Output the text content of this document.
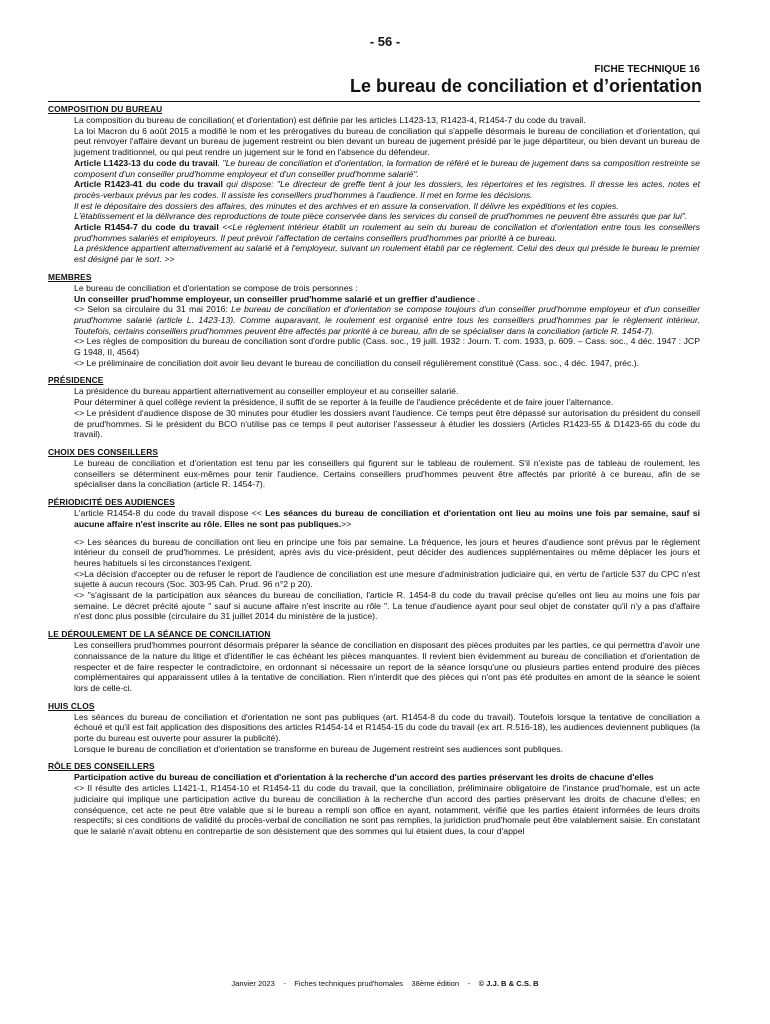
- 56 -
FICHE TECHNIQUE 16
Le bureau de conciliation et d’orientation
COMPOSITION DU BUREAU

La composition du bureau de conciliation( et d'orientation) est définie par les articles L1423-13, R1423-4, R1454-7 du code du travail.

La loi Macron du 6 août 2015 a modifié le nom et les prérogatives du bureau de conciliation qui s'appelle désormais le bureau de conciliation et d'orientation, qui peut renvoyer l'affaire devant un bureau de jugement restreint ou bien devant un bureau de jugement présidé par le juge départiteur, ou bien devant un bureau de jugement traditionnel, ou qui peut rendre un jugement sur le fond en l'absence du défendeur.

Article L1423-13 du code du travail. "Le bureau de conciliation et d'orientation, la formation de référé et le bureau de jugement dans sa composition restreinte se composent d'un conseiller prud'homme employeur et d'un conseiller prud'homme salarié".

Article R1423-41 du code du travail qui dispose: "Le directeur de greffe tient à jour les dossiers, les répertoires et les registres. Il dresse les actes, notes et procès-verbaux prévus par les codes. Il assiste les conseillers prud'hommes à l'audience. Il met en forme les décisions.

Il est le dépositaire des dossiers des affaires, des minutes et des archives et en assure la conservation. Il délivre les expéditions et les copies.

L'établissement et la délivrance des reproductions de toute pièce conservée dans les services du conseil de prud'hommes ne peuvent être assurés que par lui".

Article R1454-7 du code du travail <<Le règlement intérieur établit un roulement au sein du bureau de conciliation et d'orientation entre tous les conseillers prud'hommes salariés et employeurs. Il peut prévoir l'affectation de certains conseillers prud'hommes par priorité à ce bureau.

La présidence appartient alternativement au salarié et à l'employeur, suivant un roulement établi par ce règlement. Celui des deux qui préside le bureau le premier est désigné par le sort. >>

MEMBRES

Le bureau de conciliation et d'orientation se compose de trois personnes :

Un conseiller prud'homme employeur, un conseiller prud'homme salarié et un greffier d'audience .

<> Selon sa circulaire du 31 mai 2016: Le bureau de conciliation et d'orientation se compose toujours d'un conseiller prud'homme employeur et d'un conseiller prud'homme salarié (article L. 1423-13). Comme auparavant, le roulement est organisé entre tous les conseillers prud'hommes par le règlement intérieur. Toutefois, certains conseillers prud'hommes peuvent être affectés par priorité à ce bureau, afin de se spécialiser dans la conciliation (article R. 1454-7).

<> Les règles de composition du bureau de conciliation sont d'ordre public (Cass. soc., 19 juill. 1932 : Journ. T. com. 1933, p. 609. – Cass. soc., 4 déc. 1947 : JCP G 1948, II, 4564)

<> Le préliminaire de conciliation doit avoir lieu devant le bureau de conciliation du conseil régulièrement constitué (Cass. soc., 4 déc. 1947, préc.).

PRÉSIDENCE

La présidence du bureau appartient alternativement au conseiller employeur et au conseiller salarié.

Pour déterminer à quel collège revient la présidence, il suffit de se reporter à la feuille de l'audience précédente et de faire jouer l'alternance.

<> Le président d'audience dispose de 30 minutes pour étudier les dossiers avant l'audience. Ce temps peut être dépassé sur autorisation du président du conseil de prud'hommes. Si le président du BCO n'utilise pas ce temps il peut autoriser l'assesseur à étudier les dossiers (Articles R1423-55 & D1423-65 du code du travail).

CHOIX DES CONSEILLERS

Le bureau de conciliation et d'orientation est tenu par les conseillers qui figurent sur le tableau de roulement. S'il n'existe pas de tableau de roulement, les conseillers se déterminent eux-mêmes pour tenir l'audience. Certains conseillers prud'hommes peuvent être affectés par priorité à ce bureau, afin de se spécialiser dans la conciliation (article R. 1454-7).

PÉRIODICITÉ DES AUDIENCES

L'article R1454-8 du code du travail dispose << Les séances du bureau de conciliation et d'orientation ont lieu au moins une fois par semaine, sauf si aucune affaire n'est inscrite au rôle. Elles ne sont pas publiques.>>

<> Les séances du bureau de conciliation ont lieu en principe une fois par semaine. La fréquence, les jours et heures d'audience sont prévus par le règlement intérieur du conseil de prud'hommes. Le président, après avis du vice-président, peut décider des audiences supplémentaires ou même déplacer les jours et heures habituels si les circonstances l'exigent.

<>La décision d'accepter ou de refuser le report de l'audience de conciliation est une mesure d'administration judiciaire qui, en vertu de l'article 537 du CPC n'est sujette à aucun recours (Soc. 303-95 Cah. Prud. 96 n°2 p 20).

<> "s'agissant de la participation aux séances du bureau de conciliation, l'article R. 1454-8 du code du travail précise qu'elles ont lieu au moins une fois par semaine. Le décret précité ajoute " sauf si aucune affaire n'est inscrite au rôle ". La tenue d'audience ayant pour seul objet de constater qu'il n'y a pas d'affaire n'est donc plus possible (circulaire du 31 juillet 2014 du ministère de la justice).

LE DÉROULEMENT DE LA SÉANCE DE CONCILIATION

Les conseillers prud'hommes pourront désormais préparer la séance de conciliation en disposant des pièces produites par les parties, ce qui permettra d'avoir une connaissance de la nature du litige et d'identifier le cas échéant les pièces manquantes. Il revient bien évidemment au bureau de conciliation et d'orientation de respecter et de faire respecter le contradictoire, en ordonnant si nécessaire un report de la séance lorsqu'une ou plusieurs parties entend produire des pièces complémentaires qui apparaissent utiles à la tentative de conciliation. Rien n'interdit que des pièces qui n'ont pas été produites en amont de la séance le soient lors de celle-ci.

HUIS CLOS

Les séances du bureau de conciliation et d'orientation ne sont pas publiques (art. R1454-8 du code du travail). Toutefois lorsque la tentative de conciliation a échoué et qu'il est fait application des dispositions des articles R1454-14 et R1454-15 du code du travail (ex art. R.516-18), les audiences deviennent publiques (la porte du bureau est ouverte pour assurer la publicité).

Lorsque le bureau de conciliation et d'orientation se transforme en bureau de Jugement restreint ses audiences sont publiques.

RÔLE DES CONSEILLERS

Participation active du bureau de conciliation et d'orientation à la recherche d'un accord des parties préservant les droits de chacune d'elles

<> Il résulte des articles L1421-1, R1454-10 et R1454-11 du code du travail, que la conciliation, préliminaire obligatoire de l'instance prud'homale, est un acte judiciaire qui implique une participation active du bureau de conciliation à la recherche d'un accord des parties préservant les droits de chacune d'elles; en conséquence, cet acte ne peut être valable que si le bureau a rempli son office en ayant, notamment, vérifié que les parties étaient informées de leurs droits respectifs; si ces conditions de validité du procès-verbal de conciliation ne sont pas remplies, la juridiction prud'homale peut être valablement saisie. En constatant que le salarié n'avait obtenu en contrepartie de son désistement que des sommes qui lui étaient dues, la cour d'appel

Janvier 2023 - Fiches techniques prud'homales 38ème édition - © J.J. B & C.S. B
